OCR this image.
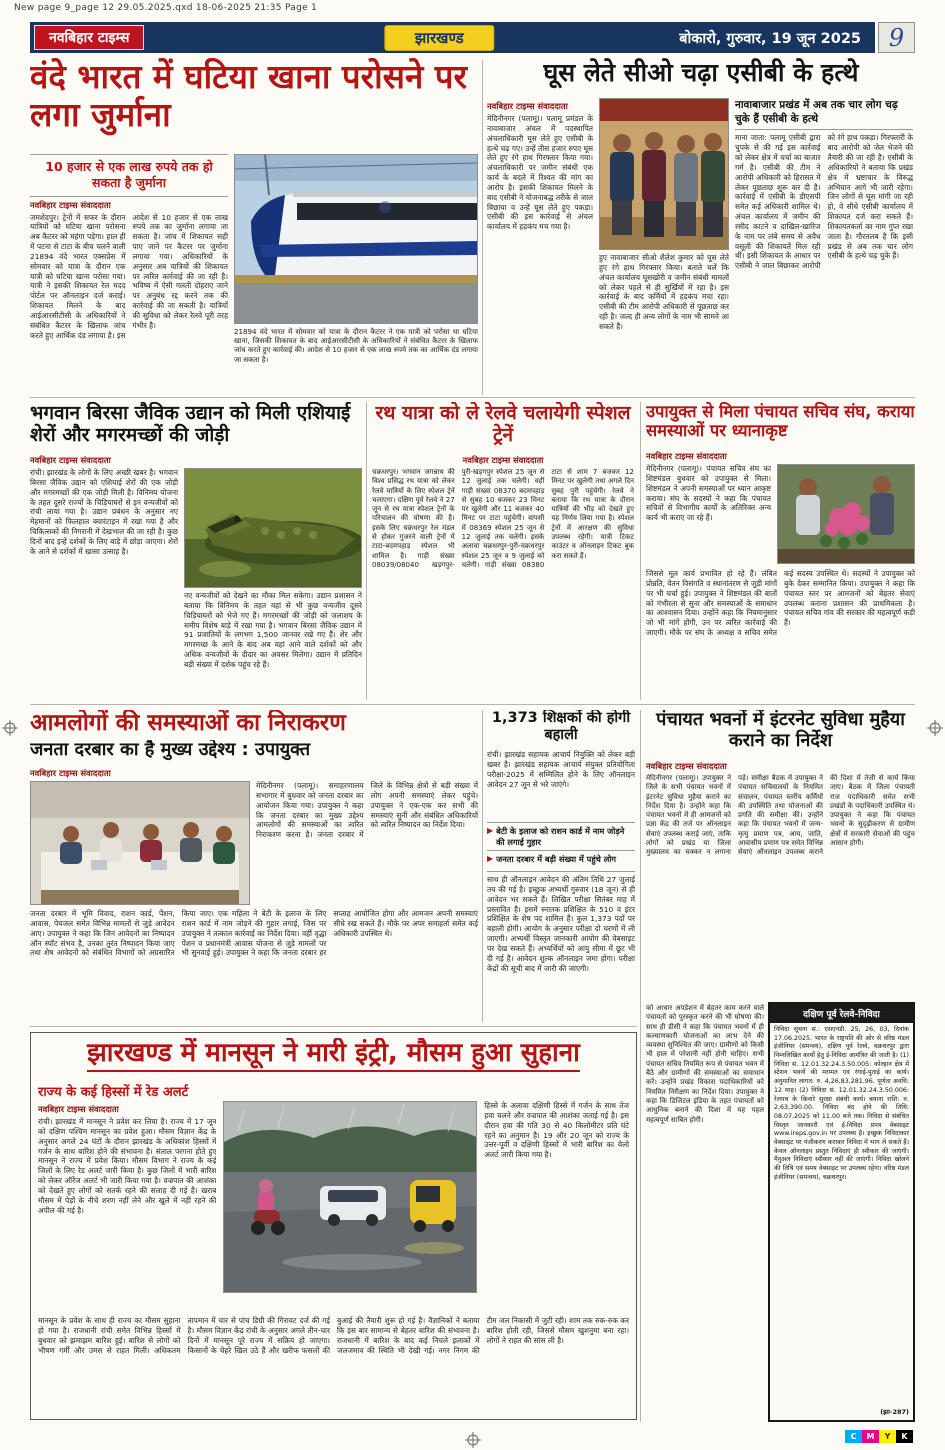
New page 9_page 12 29.05.2025.qxd 18-06-2025 21:35 Page 1
नवबिहार टाइम्स	झारखण्ड	बोकारो, गुरुवार, 19 जून 2025	9
वंदे भारत में घटिया खाना परोसने पर लगा जुर्माना
10 हजार से एक लाख रुपये तक हो सकता है जुर्माना
नवबिहार टाइम्स संवाददाता
जमशेदपुर। ट्रेनों में सफर के दौरान यात्रियों को घटिया खाना परोसना अब कैटरर को महंगा पड़ेगा। हाल ही में पटना से टाटा के बीच चलने वाली 21894 वंदे भारत एक्सप्रेस में सोमवार को यात्रा के दौरान एक यात्री को घटिया खाना परोसा गया। यात्री ने इसकी शिकायत रेल मदद पोर्टल पर ऑनलाइन दर्ज कराई। शिकायत मिलने के बाद आईआरसीटीसी के अधिकारियों ने संबंधित कैटरर के खिलाफ जांच करते हुए आर्थिक दंड लगाया है। इस आदेश से 10 हजार से एक लाख रुपये तक का जुर्माना लगाया जा सकता है। जांच में शिकायत सही पाए जाने पर कैटरर पर जुर्माना लगाया गया। अधिकारियों के अनुसार अब यात्रियों की शिकायत पर त्वरित कार्रवाई की जा रही है। भविष्य में ऐसी गलती दोहराए जाने पर अनुबंध रद्द करने तक की कार्रवाई की जा सकती है। यात्रियों की सुविधा को लेकर रेलवे पूरी तरह गंभीर है।
21894 वंदे भारत में सोमवार को यात्रा के दौरान कैटरर ने एक यात्री को परोसा था घटिया खाना, जिसकी शिकायत के बाद आईआरसीटीसी के अधिकारियों ने संबंधित कैटरर के खिलाफ जांच करते हुए कार्रवाई की। आदेश से 10 हजार से एक लाख रुपये तक का आर्थिक दंड लगाया जा सकता है।
घूस लेते सीओ चढ़ा एसीबी के हत्थे
नवबिहार टाइम्स संवाददाता
मेदिनीनगर (पलामू)। पलामू प्रमंडल के नावाबाजार अंचल में पदस्थापित अंचलाधिकारी घूस लेते हुए एसीबी के हत्थे चढ़ गए। उन्हें तीस हजार रुपए घूस लेते हुए रंगे हाथ गिरफ्तार किया गया। अंचलाधिकारी पर जमीन संबंधी एक कार्य के बदले में रिश्वत की मांग का आरोप है। इसकी शिकायत मिलने के बाद एसीबी ने योजनाबद्ध तरीके से जाल बिछाया व उन्हें घूस लेते हुए पकड़ा। एसीबी की इस कार्रवाई से अंचल कार्यालय में हड़कंप मच गया है।
हुए नावाबाजार सीओ शैलेश कुमार को घूस लेते हुए रंगे हाथ गिरफ्तार किया। बताते चलें कि अंचल कार्यालय घूसखोरी व जमीन संबंधी मामलों को लेकर पहले से ही सुर्खियों में रहा है। इस कार्रवाई के बाद कर्मियों में हड़कंप मचा रहा। एसीबी की टीम आरोपी अधिकारी से पूछताछ कर रही है। जल्द ही अन्य लोगों के नाम भी सामने आ सकते हैं।
नावाबाजार प्रखंड में अब तक चार लोग चढ़ चुके हैं एसीबी के हत्थे
माना जाता: पलामू एसीबी द्वारा चुपके से की गई इस कार्रवाई को लेकर क्षेत्र में चर्चा का बाजार गर्म है। एसीबी की टीम ने आरोपी अधिकारी को हिरासत में लेकर पूछताछ शुरू कर दी है। कार्रवाई में एसीबी के डीएसपी समेत कई अधिकारी शामिल थे। अंचल कार्यालय में जमीन की रसीद काटने व दाखिल-खारिज के नाम पर लंबे समय से अवैध वसूली की शिकायतें मिल रही थीं। इसी शिकायत के आधार पर एसीबी ने जाल बिछाकर आरोपी को रंगे हाथ पकड़ा। गिरफ्तारी के बाद आरोपी को जेल भेजने की तैयारी की जा रही है। एसीबी के अधिकारियों ने बताया कि प्रखंड क्षेत्र में भ्रष्टाचार के विरुद्ध अभियान आगे भी जारी रहेगा। जिन लोगों से घूस मांगी जा रही हो, वे सीधे एसीबी कार्यालय में शिकायत दर्ज करा सकते हैं। शिकायतकर्ता का नाम गुप्त रखा जाता है। गौरतलब है कि इसी प्रखंड से अब तक चार लोग एसीबी के हत्थे चढ़ चुके हैं।
भगवान बिरसा जैविक उद्यान को मिली एशियाई शेरों और मगरमच्छों की जोड़ी
नवबिहार टाइम्स संवाददाता
रांची। झारखंड के लोगों के लिए अच्छी खबर है। भगवान बिरसा जैविक उद्यान को एशियाई शेरों की एक जोड़ी और मगरमच्छों की एक जोड़ी मिली है। विनिमय योजना के तहत दूसरे राज्यों के चिड़ियाघरों से इन वन्यजीवों को रांची लाया गया है। उद्यान प्रबंधन के अनुसार नए मेहमानों को फिलहाल क्वारंटाइन में रखा गया है और चिकित्सकों की निगरानी में देखभाल की जा रही है। कुछ दिनों बाद इन्हें दर्शकों के लिए बाड़े में छोड़ा जाएगा। शेरों के आने से दर्शकों में खासा उत्साह है।
नए वन्यजीवों को देखने का मौका मिल सकेगा। उद्यान प्रशासन ने बताया कि विनिमय के तहत यहां से भी कुछ वन्यजीव दूसरे चिड़ियाघरों को भेजे गए हैं। मगरमच्छों की जोड़ी को जलाशय के समीप विशेष बाड़े में रखा गया है। भगवान बिरसा जैविक उद्यान में 91 प्रजातियों के लगभग 1,500 जानवर रखे गए हैं। शेर और मगरमच्छ के आने के बाद अब यहां आने वाले दर्शकों को और अधिक वन्यजीवों के दीदार का अवसर मिलेगा। उद्यान में प्रतिदिन बड़ी संख्या में दर्शक पहुंच रहे हैं।
रथ यात्रा को ले रेलवे चलायेगी स्पेशल ट्रेनें
नवबिहार टाइम्स संवाददाता
चक्रधरपुर। भगवान जगन्नाथ की विश्व प्रसिद्ध रथ यात्रा को लेकर रेलवे यात्रियों के लिए स्पेशल ट्रेनें चलाएगा। दक्षिण पूर्व रेलवे ने 27 जून से रथ यात्रा स्पेशल ट्रेनों के परिचालन की घोषणा की है। इसके लिए चक्रधरपुर रेल मंडल से होकर गुजरने वाली ट्रेनों में टाटा-बदमपहाड़ स्पेशल भी शामिल है। गाड़ी संख्या 08039/08040 खड़गपुर-पुरी-खड़गपुर स्पेशल 25 जून से 12 जुलाई तक चलेगी। वहीं गाड़ी संख्या 08370 बदमपहाड़ से सुबह 10 बजकर 23 मिनट पर खुलेगी और 11 बजकर 40 मिनट पर टाटा पहुंचेगी। वापसी में 08369 स्पेशल 25 जून से 12 जुलाई तक चलेगी। इसके अलावा चक्रधरपुर-पुरी-चक्रधरपुर स्पेशल 25 जून व 9 जुलाई को चलेगी। गाड़ी संख्या 08380 टाटा से शाम 7 बजकर 12 मिनट पर खुलेगी तथा अगले दिन सुबह पुरी पहुंचेगी। रेलवे ने बताया कि रथ यात्रा के दौरान यात्रियों की भीड़ को देखते हुए यह निर्णय लिया गया है। स्पेशल ट्रेनों में आरक्षण की सुविधा उपलब्ध रहेगी। यात्री टिकट काउंटर व ऑनलाइन टिकट बुक करा सकते हैं।
उपायुक्त से मिला पंचायत सचिव संघ, कराया समस्याओं पर ध्यानाकृष्ट
नवबिहार टाइम्स संवाददाता
मेदिनीनगर (पलामू)। पंचायत सचिव संघ का शिष्टमंडल बुधवार को उपायुक्त से मिला। शिष्टमंडल ने अपनी समस्याओं पर ध्यान आकृष्ट कराया। संघ के सदस्यों ने कहा कि पंचायत सचिवों से विभागीय कार्यों के अतिरिक्त अन्य कार्य भी कराए जा रहे हैं।
जिससे मूल कार्य प्रभावित हो रहे हैं। लंबित प्रोन्नति, वेतन विसंगति व स्थानांतरण से जुड़ी मांगों पर भी चर्चा हुई। उपायुक्त ने शिष्टमंडल की बातों को गंभीरता से सुना और समस्याओं के समाधान का आश्वासन दिया। उन्होंने कहा कि नियमानुसार जो भी मांगें होंगी, उन पर त्वरित कार्रवाई की जाएगी। मौके पर संघ के अध्यक्ष व सचिव समेत कई सदस्य उपस्थित थे। सदस्यों ने उपायुक्त को बुके देकर सम्मानित किया। उपायुक्त ने कहा कि पंचायत स्तर पर आमजनों को बेहतर सेवाएं उपलब्ध कराना प्रशासन की प्राथमिकता है। पंचायत सचिव गांव की सरकार की महत्वपूर्ण कड़ी हैं।
आमलोगों की समस्याओं का निराकरण
जनता दरबार का है मुख्य उद्देश्य : उपायुक्त
नवबिहार टाइम्स संवाददाता
मेदिनीनगर (पलामू)। समाहरणालय सभागार में बुधवार को जनता दरबार का आयोजन किया गया। उपायुक्त ने कहा कि जनता दरबार का मुख्य उद्देश्य आमलोगों की समस्याओं का त्वरित निराकरण करना है। जनता दरबार में जिले के विभिन्न क्षेत्रों से बड़ी संख्या में लोग अपनी समस्याएं लेकर पहुंचे। उपायुक्त ने एक-एक कर सभी की समस्याएं सुनीं और संबंधित अधिकारियों को त्वरित निष्पादन का निर्देश दिया।
जनता दरबार में भूमि विवाद, राशन कार्ड, पेंशन, आवास, पेयजल समेत विभिन्न मामलों से जुड़े आवेदन आए। उपायुक्त ने कहा कि जिन आवेदनों का निष्पादन ऑन स्पॉट संभव है, उनका तुरंत निष्पादन किया जाए तथा शेष आवेदनों को संबंधित विभागों को अग्रसारित किया जाए। एक महिला ने बेटी के इलाज के लिए राशन कार्ड में नाम जोड़ने की गुहार लगाई, जिस पर उपायुक्त ने तत्काल कार्रवाई का निर्देश दिया। वहीं वृद्धा पेंशन व प्रधानमंत्री आवास योजना से जुड़े मामलों पर भी सुनवाई हुई। उपायुक्त ने कहा कि जनता दरबार हर सप्ताह आयोजित होगा और आमजन अपनी समस्याएं सीधे रख सकते हैं। मौके पर अपर समाहर्ता समेत कई अधिकारी उपस्थित थे।
1,373 शिक्षकों की होगी बहाली
रांची। झारखंड सहायक आचार्य नियुक्ति को लेकर बड़ी खबर है। झारखंड सहायक आचार्य संयुक्त प्रतियोगिता परीक्षा-2025 में सम्मिलित होने के लिए ऑनलाइन आवेदन 27 जून से भरे जाएंगे।
▶ बेटी के इलाज को राशन कार्ड में नाम जोड़ने की लगाई गुहार
▶ जनता दरबार में बड़ी संख्या में पहुंचे लोग
साथ ही ऑनलाइन आवेदन की अंतिम तिथि 27 जुलाई तय की गई है। इच्छुक अभ्यर्थी गुरुवार (18 जून) से ही आवेदन भर सकते हैं। लिखित परीक्षा सितंबर माह में प्रस्तावित है। इसमें स्नातक प्रशिक्षित के 510 व इंटर प्रशिक्षित के शेष पद शामिल हैं। कुल 1,373 पदों पर बहाली होगी। आयोग के अनुसार परीक्षा दो चरणों में ली जाएगी। अभ्यर्थी विस्तृत जानकारी आयोग की वेबसाइट पर देख सकते हैं। अभ्यर्थियों को आयु सीमा में छूट भी दी गई है। आवेदन शुल्क ऑनलाइन जमा होगा। परीक्षा केंद्रों की सूची बाद में जारी की जाएगी।
पंचायत भवनों में इंटरनेट सुविधा मुहैया कराने का निर्देश
नवबिहार टाइम्स संवाददाता
मेदिनीनगर (पलामू)। उपायुक्त ने जिले के सभी पंचायत भवनों में इंटरनेट सुविधा मुहैया कराने का निर्देश दिया है। उन्होंने कहा कि पंचायत भवनों में ही आमजनों को प्रज्ञा केंद्र की तर्ज पर ऑनलाइन सेवाएं उपलब्ध कराई जाएं, ताकि लोगों को प्रखंड या जिला मुख्यालय का चक्कर न लगाना पड़े। समीक्षा बैठक में उपायुक्त ने पंचायत सचिवालयों के नियमित संचालन, पंचायत स्तरीय कर्मियों की उपस्थिति तथा योजनाओं की प्रगति की समीक्षा की। उन्होंने कहा कि पंचायत भवनों में जन्म-मृत्यु प्रमाण पत्र, आय, जाति, आवासीय प्रमाण पत्र समेत विभिन्न सेवाएं ऑनलाइन उपलब्ध कराने की दिशा में तेजी से कार्य किया जाए। बैठक में जिला पंचायती राज पदाधिकारी समेत सभी प्रखंडों के पदाधिकारी उपस्थित थे। उपायुक्त ने कहा कि पंचायत भवनों के सुदृढ़ीकरण से ग्रामीण क्षेत्रों में सरकारी सेवाओं की पहुंच आसान होगी।
को आधार अपडेशन में बेहतर काम करने वाले पंचायतों को पुरस्कृत करने की भी घोषणा की। साथ ही डीसी ने कहा कि पंचायत भवनों में ही कल्याणकारी योजनाओं का लाभ देने की व्यवस्था सुनिश्चित की जाए। ग्रामीणों को किसी भी हाल में परेशानी नहीं होनी चाहिए। सभी पंचायत सचिव नियमित रूप से पंचायत भवन में बैठें और ग्रामीणों की समस्याओं का समाधान करें। उन्होंने प्रखंड विकास पदाधिकारियों को नियमित निरीक्षण का निर्देश दिया। उपायुक्त ने कहा कि डिजिटल इंडिया के तहत पंचायतों को आधुनिक बनाने की दिशा में यह पहल महत्वपूर्ण साबित होगी।
दक्षिण पूर्व रेलवे-निविदा
निविदा सूचना सं.: एसएनडी. 25, 26, 03, दिनांक 17.06.2025. भारत के राष्ट्रपति की ओर से वरिष्ठ मंडल इंजीनियर (समन्वय), दक्षिण पूर्व रेलवे, चक्रधरपुर द्वारा निम्नलिखित कार्यों हेतु ई-निविदा आमंत्रित की जाती है। (1) निविदा सं. 12.01.32.24.3.50.005: कोल्हान क्षेत्र में स्टेशन भवनों की मरम्मत एवं रंगाई-पुताई का कार्य। अनुमानित लागत: रु. 4,26,83,281.96. पूर्णता अवधि: 12 माह। (2) निविदा सं. 12.01.32.24.3.50.006: रेलपथ के किनारे सुरक्षा संबंधी कार्य। बयाना राशि: रु. 2,63,390.00. निविदा बंद होने की तिथि: 08.07.2025 को 11.00 बजे तक। निविदा से संबंधित विस्तृत जानकारी एवं ई-निविदा प्रपत्र वेबसाइट www.ireps.gov.in पर उपलब्ध है। इच्छुक निविदाकार वेबसाइट पर पंजीकरण कराकर निविदा में भाग ले सकते हैं। केवल ऑनलाइन प्रस्तुत निविदाएं ही स्वीकार की जाएंगी। मैनुअल निविदाएं स्वीकार नहीं की जाएंगी। निविदा खोलने की तिथि एवं समय वेबसाइट पर उपलब्ध रहेगा। वरिष्ठ मंडल इंजीनियर (समन्वय), चक्रधरपुर।
(झा-287)
झारखण्ड में मानसून ने मारी इंट्री, मौसम हुआ सुहाना
राज्य के कई हिस्सों में रेड अलर्ट
नवबिहार टाइम्स संवाददाता
रांची। झारखंड में मानसून ने प्रवेश कर लिया है। राज्य में 17 जून को दक्षिण पश्चिम मानसून का प्रवेश हुआ। मौसम विज्ञान केंद्र के अनुसार अगले 24 घंटों के दौरान झारखंड के अधिकांश हिस्सों में गर्जन के साथ बारिश होने की संभावना है। संताल परगना होते हुए मानसून ने राज्य में प्रवेश किया। मौसम विभाग ने राज्य के कई जिलों के लिए रेड अलर्ट जारी किया है। कुछ जिलों में भारी बारिश को लेकर ऑरेंज अलर्ट भी जारी किया गया है। वज्रपात की आशंका को देखते हुए लोगों को सतर्क रहने की सलाह दी गई है। खराब मौसम में पेड़ों के नीचे शरण नहीं लेने और खुले में नहीं रहने की अपील की गई है।
हिस्से के अलावा दक्षिणी हिस्से में गर्जन के साथ तेज हवा चलने और वज्रपात की आशंका जताई गई है। इस दौरान हवा की गति 30 से 40 किलोमीटर प्रति घंटे रहने का अनुमान है। 19 और 20 जून को राज्य के उत्तर-पूर्वी व दक्षिणी हिस्सों में भारी बारिश का येलो अलर्ट जारी किया गया है।
मानसून के प्रवेश के साथ ही राज्य का मौसम सुहाना हो गया है। राजधानी रांची समेत विभिन्न हिस्सों में बुधवार को झमाझम बारिश हुई। बारिश से लोगों को भीषण गर्मी और उमस से राहत मिली। अधिकतम तापमान में चार से पांच डिग्री की गिरावट दर्ज की गई है। मौसम विज्ञान केंद्र रांची के अनुसार अगले तीन-चार दिनों में मानसून पूरे राज्य में सक्रिय हो जाएगा। किसानों के चेहरे खिल उठे हैं और खरीफ फसलों की बुआई की तैयारी शुरू हो गई है। वैज्ञानिकों ने बताया कि इस बार सामान्य से बेहतर बारिश की संभावना है। राजधानी में बारिश के बाद कई निचले इलाकों में जलजमाव की स्थिति भी देखी गई। नगर निगम की टीम जल निकासी में जुटी रही। शाम तक रुक-रुक कर बारिश होती रही, जिससे मौसम खुशनुमा बना रहा। लोगों ने राहत की सांस ली है।
C	M	Y	K
